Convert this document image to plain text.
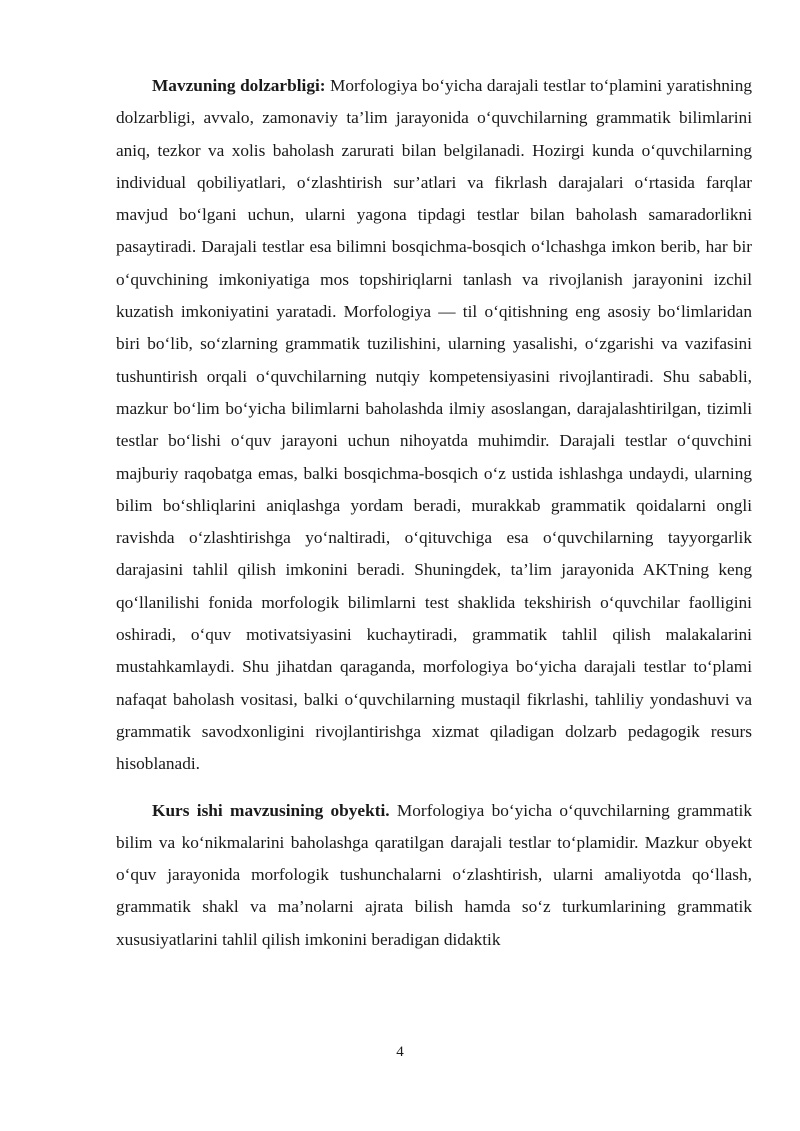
Mavzuning dolzarbligi: Morfologiya bo‘yicha darajali testlar to‘plamini yaratishning dolzarbligi, avvalo, zamonaviy ta’lim jarayonida o‘quvchilarning grammatik bilimlarini aniq, tezkor va xolis baholash zarurati bilan belgilanadi. Hozirgi kunda o‘quvchilarning individual qobiliyatlari, o‘zlashtirish sur’atlari va fikrlash darajalari o‘rtasida farqlar mavjud bo‘lgani uchun, ularni yagona tipdagi testlar bilan baholash samaradorlikni pasaytiradi. Darajali testlar esa bilimni bosqichma-bosqich o‘lchashga imkon berib, har bir o‘quvchining imkoniyatiga mos topshiriqlarni tanlash va rivojlanish jarayonini izchil kuzatish imkoniyatini yaratadi. Morfologiya — til o‘qitishning eng asosiy bo‘limlaridan biri bo‘lib, so‘zlarning grammatik tuzilishini, ularning yasalishi, o‘zgarishi va vazifasini tushuntirish orqali o‘quvchilarning nutqiy kompetensiyasini rivojlantiradi. Shu sababli, mazkur bo‘lim bo‘yicha bilimlarni baholashda ilmiy asoslangan, darajalashtirilgan, tizimli testlar bo‘lishi o‘quv jarayoni uchun nihoyatda muhimdir. Darajali testlar o‘quvchini majburiy raqobatga emas, balki bosqichma-bosqich o‘z ustida ishlashga undaydi, ularning bilim bo‘shliqlarini aniqlashga yordam beradi, murakkab grammatik qoidalarni ongli ravishda o‘zlashtirishga yo‘naltiradi, o‘qituvchiga esa o‘quvchilarning tayyorgarlik darajasini tahlil qilish imkonini beradi. Shuningdek, ta’lim jarayonida AKTning keng qo‘llanilishi fonida morfologik bilimlarni test shaklida tekshirish o‘quvchilar faolligini oshiradi, o‘quv motivatsiyasini kuchaytiradi, grammatik tahlil qilish malakalarini mustahkamlaydi. Shu jihatdan qaraganda, morfologiya bo‘yicha darajali testlar to‘plami nafaqat baholash vositasi, balki o‘quvchilarning mustaqil fikrlashi, tahliliy yondashuvi va grammatik savodxonligini rivojlantirishga xizmat qiladigan dolzarb pedagogik resurs hisoblanadi.

Kurs ishi mavzusining obyekti. Morfologiya bo‘yicha o‘quvchilarning grammatik bilim va ko‘nikmalarini baholashga qaratilgan darajali testlar to‘plamidir. Mazkur obyekt o‘quv jarayonida morfologik tushunchalarni o‘zlashtirish, ularni amaliyotda qo‘llash, grammatik shakl va ma’nolarni ajrata bilish hamda so‘z turkumlarining grammatik xususiyatlarini tahlil qilish imkonini beradigan didaktik

4
